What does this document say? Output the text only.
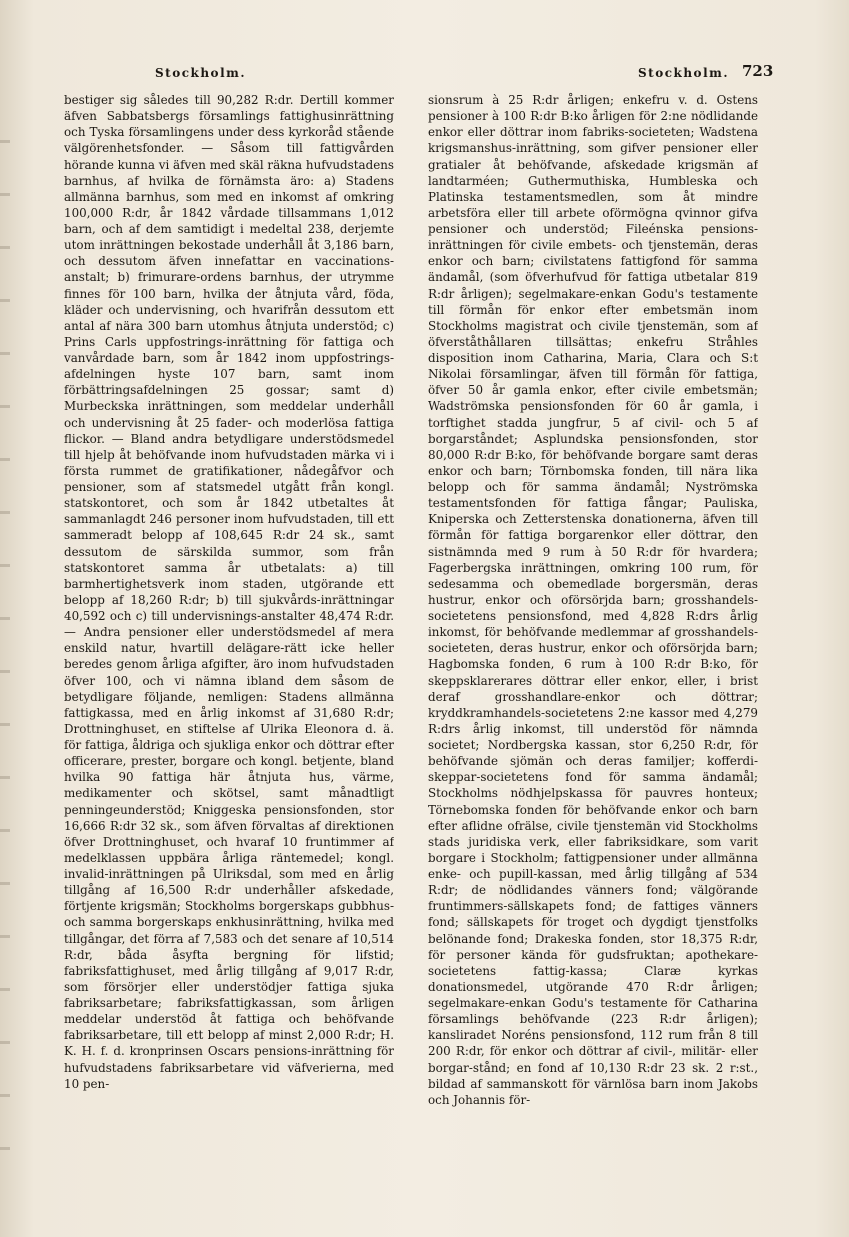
Stockholm.	Stockholm. 723

bestiger sig således till 90,282 R:dr. Dertill kommer äfven Sabbatsbergs församlings fattighusinrättning och Tyska församlingens under dess kyrkoråd stående välgörenhetsfonder. — Såsom till fattigvården hörande kunna vi äfven med skäl räkna hufvudstadens barnhus, af hvilka de förnämsta äro: a) Stadens allmänna barnhus, som med en inkomst af omkring 100,000 R:dr, år 1842 vårdade tillsammans 1,012 barn, och af dem samtidigt i medeltal 238, derjemte utom inrättningen bekostade underhåll åt 3,186 barn, och dessutom äfven innefattar en vaccinations-anstalt; b) frimurare-ordens barnhus, der utrymme finnes för 100 barn, hvilka der åtnjuta vård, föda, kläder och undervisning, och hvarifrån dessutom ett antal af nära 300 barn utomhus åtnjuta understöd; c) Prins Carls uppfostrings-inrättning för fattiga och vanvårdade barn, som år 1842 inom uppfostrings-afdelningen hyste 107 barn, samt inom förbättringsafdelningen 25 gossar; samt d) Murbeckska inrättningen, som meddelar underhåll och undervisning åt 25 fader- och moderlösa fattiga flickor. — Bland andra betydligare understödsmedel till hjelp åt behöfvande inom hufvudstaden märka vi i första rummet de gratifikationer, nådegåfvor och pensioner, som af statsmedel utgått från kongl. statskontoret, och som år 1842 utbetaltes åt sammanlagdt 246 personer inom hufvudstaden, till ett sammeradt belopp af 108,645 R:dr 24 sk., samt dessutom de särskilda summor, som från statskontoret samma år utbetalats: a) till barmhertighetsverk inom staden, utgörande ett belopp af 18,260 R:dr; b) till sjukvårds-inrättningar 40,592 och c) till undervisnings-anstalter 48,474 R:dr. — Andra pensioner eller understödsmedel af mera enskild natur, hvartill delägare-rätt icke heller beredes genom årliga afgifter, äro inom hufvudstaden öfver 100, och vi nämna ibland dem såsom de betydligare följande, nemligen: Stadens allmänna fattigkassa, med en årlig inkomst af 31,680 R:dr; Drottninghuset, en stiftelse af Ulrika Eleonora d. ä. för fattiga, åldriga och sjukliga enkor och döttrar efter officerare, prester, borgare och kongl. betjente, bland hvilka 90 fattiga här åtnjuta hus, värme, medikamenter och skötsel, samt månadtligt penningeunderstöd; Kniggeska pensionsfonden, stor 16,666 R:dr 32 sk., som äfven förvaltas af direktionen öfver Drottninghuset, och hvaraf 10 fruntimmer af medelklassen uppbära årliga räntemedel; kongl. invalid-inrättningen på Ulriksdal, som med en årlig tillgång af 16,500 R:dr underhåller afskedade, förtjente krigsmän; Stockholms borgerskaps gubbhus- och samma borgerskaps enkhusinrättning, hvilka med tillgångar, det förra af 7,583 och det senare af 10,514 R:dr, båda åsyfta bergning för lifstid; fabriksfattighuset, med årlig tillgång af 9,017 R:dr, som försörjer eller understödjer fattiga sjuka fabriksarbetare; fabriksfattigkassan, som årligen meddelar understöd åt fattiga och behöfvande fabriksarbetare, till ett belopp af minst 2,000 R:dr; H. K. H. f. d. kronprinsen Oscars pensions-inrättning för hufvudstadens fabriksarbetare vid väfverierna, med 10 pen-

sionsrum à 25 R:dr årligen; enkefru v. d. Ostens pensioner à 100 R:dr B:ko årligen för 2:ne nödlidande enkor eller döttrar inom fabriks-societeten; Wadstena krigsmanshus-inrättning, som gifver pensioner eller gratialer åt behöfvande, afskedade krigsmän af landtarméen; Guthermuthiska, Humbleska och Platinska testamentsmedlen, som åt mindre arbetsföra eller till arbete oförmögna qvinnor gifva pensioner och understöd; Fileénska pensions-inrättningen för civile embets- och tjenstemän, deras enkor och barn; civilstatens fattigfond för samma ändamål, (som öfverhufvud för fattiga utbetalar 819 R:dr årligen); segelmakare-enkan Godu's testamente till förmån för enkor efter embetsmän inom Stockholms magistrat och civile tjenstemän, som af öfverståthållaren tillsättas; enkefru Stråhles disposition inom Catharina, Maria, Clara och S:t Nikolai församlingar, äfven till förmån för fattiga, öfver 50 år gamla enkor, efter civile embetsmän; Wadströmska pensionsfonden för 60 år gamla, i torftighet stadda jungfrur, 5 af civil- och 5 af borgarståndet; Asplundska pensionsfonden, stor 80,000 R:dr B:ko, för behöfvande borgare samt deras enkor och barn; Törnbomska fonden, till nära lika belopp och för samma ändamål; Nyströmska testamentsfonden för fattiga fångar; Pauliska, Kniperska och Zetterstenska donationerna, äfven till förmån för fattiga borgarenkor eller döttrar, den sistnämnda med 9 rum à 50 R:dr för hvardera; Fagerbergska inrättningen, omkring 100 rum, för sedesamma och obemedlade borgersmän, deras hustrur, enkor och oförsörjda barn; grosshandels-societetens pensionsfond, med 4,828 R:drs årlig inkomst, för behöfvande medlemmar af grosshandels-societeten, deras hustrur, enkor och oförsörjda barn; Hagbomska fonden, 6 rum à 100 R:dr B:ko, för skeppsklarerares döttrar eller enkor, eller, i brist deraf grosshandlare-enkor och döttrar; kryddkramhandels-societetens 2:ne kassor med 4,279 R:drs årlig inkomst, till understöd för nämnda societet; Nordbergska kassan, stor 6,250 R:dr, för behöfvande sjömän och deras familjer; kofferdi-skeppar-societetens fond för samma ändamål; Stockholms nödhjelpskassa för pauvres honteux; Törnebomska fonden för behöfvande enkor och barn efter aflidne ofrälse, civile tjenstemän vid Stockholms stads juridiska verk, eller fabriksidkare, som varit borgare i Stockholm; fattigpensioner under allmänna enke- och pupill-kassan, med årlig tillgång af 534 R:dr; de nödlidandes vänners fond; välgörande fruntimmers-sällskapets fond; de fattiges vänners fond; sällskapets för troget och dygdigt tjenstfolks belönande fond; Drakeska fonden, stor 18,375 R:dr, för personer kända för gudsfruktan; apothekare-societetens fattig-kassa; Claræ kyrkas donationsmedel, utgörande 470 R:dr årligen; segelmakare-enkan Godu's testamente för Catharina församlings behöfvande (223 R:dr årligen); kansliradet Noréns pensionsfond, 112 rum från 8 till 200 R:dr, för enkor och döttrar af civil-, militär- eller borgar-stånd; en fond af 10,130 R:dr 23 sk. 2 r:st., bildad af sammanskott för värnlösa barn inom Jakobs och Johannis för-
